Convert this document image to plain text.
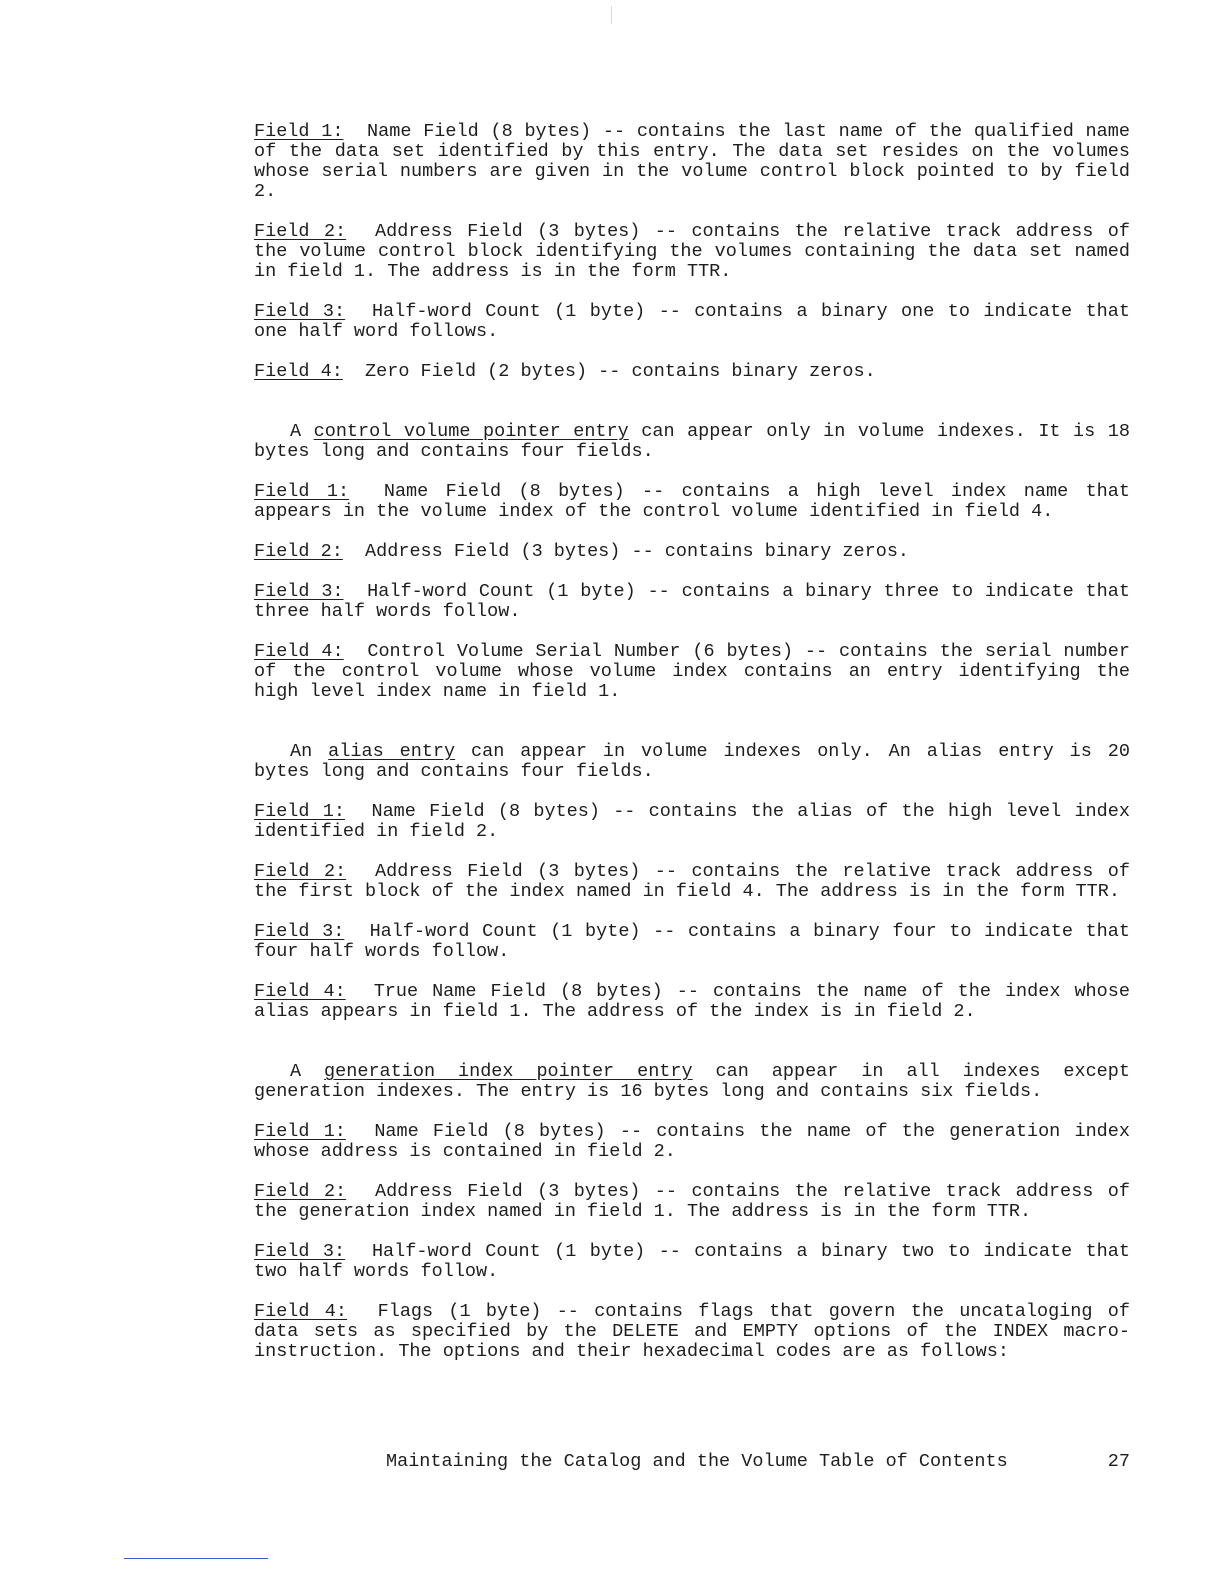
Field 1: Name Field (8 bytes) -- contains the last name of the qualified name of the data set identified by this entry. The data set resides on the volumes whose serial numbers are given in the volume control block pointed to by field 2.

Field 2: Address Field (3 bytes) -- contains the relative track address of the volume control block identifying the volumes containing the data set named in field 1. The address is in the form TTR.

Field 3: Half-word Count (1 byte) -- contains a binary one to indicate that one half word follows.

Field 4: Zero Field (2 bytes) -- contains binary zeros.

A control volume pointer entry can appear only in volume indexes. It is 18 bytes long and contains four fields.

Field 1: Name Field (8 bytes) -- contains a high level index name that appears in the volume index of the control volume identified in field 4.

Field 2: Address Field (3 bytes) -- contains binary zeros.

Field 3: Half-word Count (1 byte) -- contains a binary three to indicate that three half words follow.

Field 4: Control Volume Serial Number (6 bytes) -- contains the serial number of the control volume whose volume index contains an entry identifying the high level index name in field 1.

An alias entry can appear in volume indexes only. An alias entry is 20 bytes long and contains four fields.

Field 1: Name Field (8 bytes) -- contains the alias of the high level index identified in field 2.

Field 2: Address Field (3 bytes) -- contains the relative track address of the first block of the index named in field 4. The address is in the form TTR.

Field 3: Half-word Count (1 byte) -- contains a binary four to indicate that four half words follow.

Field 4: True Name Field (8 bytes) -- contains the name of the index whose alias appears in field 1. The address of the index is in field 2.

A generation index pointer entry can appear in all indexes except generation indexes. The entry is 16 bytes long and contains six fields.

Field 1: Name Field (8 bytes) -- contains the name of the generation index whose address is contained in field 2.

Field 2: Address Field (3 bytes) -- contains the relative track address of the generation index named in field 1. The address is in the form TTR.

Field 3: Half-word Count (1 byte) -- contains a binary two to indicate that two half words follow.

Field 4: Flags (1 byte) -- contains flags that govern the uncataloging of data sets as specified by the DELETE and EMPTY options of the INDEX macro-instruction. The options and their hexadecimal codes are as follows:

Maintaining the Catalog and the Volume Table of Contents	27
